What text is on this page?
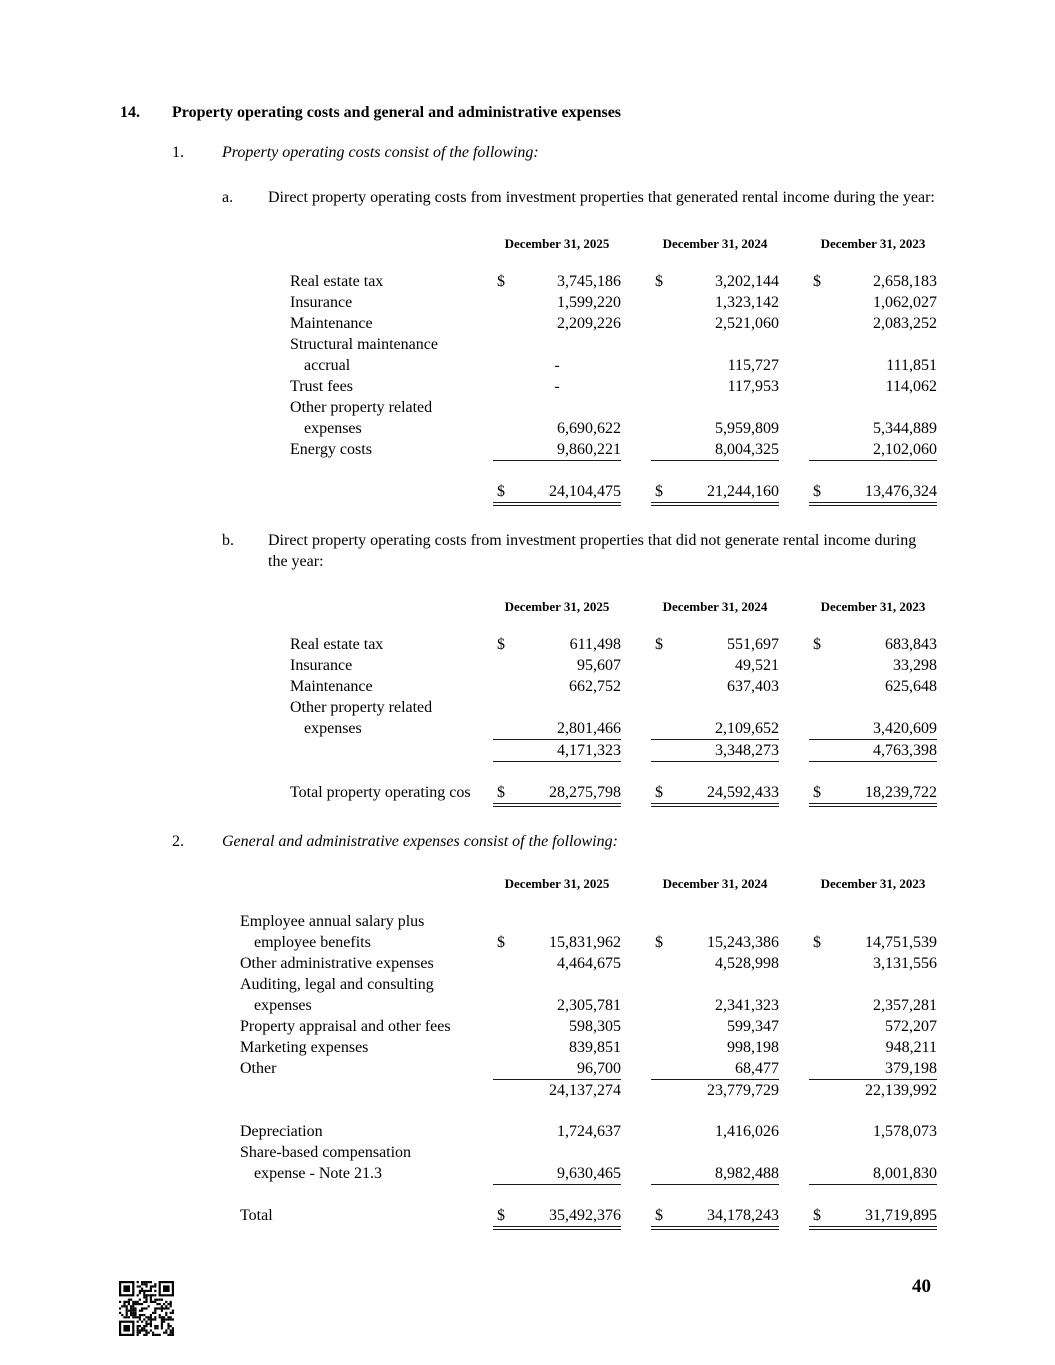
14.	Property operating costs and general and administrative expenses
1.	Property operating costs consist of the following:
a.	Direct property operating costs from investment properties that generated rental income during the year:
December 31, 2025	December 31, 2024	December 31, 2023
Real estate tax	$	3,745,186 $	3,202,144 $	2,658,183
Insurance	1,599,220	1,323,142	1,062,027
Maintenance	2,209,226	2,521,060	2,083,252
Structural maintenance
accrual	-	115,727	111,851
Trust fees	-	117,953	114,062
Other property related
expenses	6,690,622	5,959,809	5,344,889
Energy costs	9,860,221	8,004,325	2,102,060
$	24,104,475 $	21,244,160 $	13,476,324
b.	Direct property operating costs from investment properties that did not generate rental income during the year:
December 31, 2025	December 31, 2024	December 31, 2023
Real estate tax	$	611,498 $	551,697 $	683,843
Insurance	95,607	49,521	33,298
Maintenance	662,752	637,403	625,648
Other property related
expenses	2,801,466	2,109,652	3,420,609
4,171,323	3,348,273	4,763,398
Total property operating cos	$	28,275,798 $	24,592,433 $	18,239,722
2.	General and administrative expenses consist of the following:
December 31, 2025	December 31, 2024	December 31, 2023
Employee annual salary plus
employee benefits	$	15,831,962 $	15,243,386 $	14,751,539
Other administrative expenses	4,464,675	4,528,998	3,131,556
Auditing, legal and consulting
expenses	2,305,781	2,341,323	2,357,281
Property appraisal and other fees	598,305	599,347	572,207
Marketing expenses	839,851	998,198	948,211
Other	96,700	68,477	379,198
24,137,274	23,779,729	22,139,992
Depreciation	1,724,637	1,416,026	1,578,073
Share-based compensation
expense - Note 21.3	9,630,465	8,982,488	8,001,830
Total	$	35,492,376 $	34,178,243 $	31,719,895
40
